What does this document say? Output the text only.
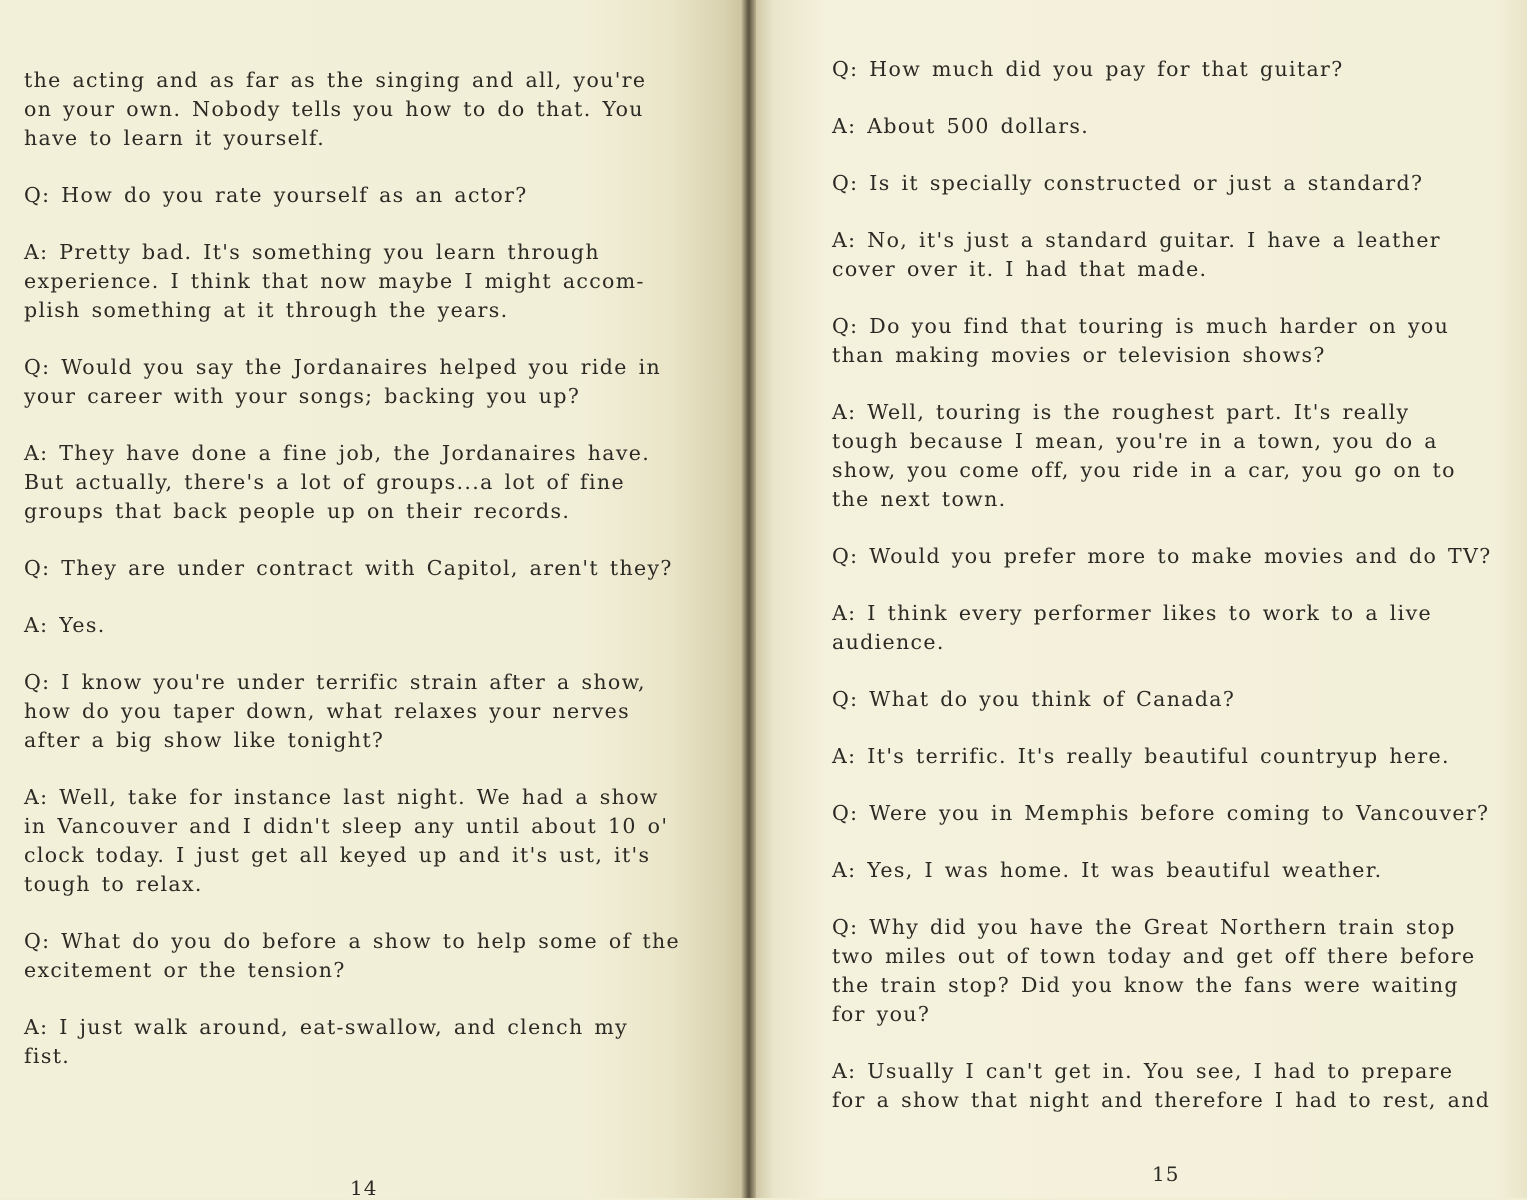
the acting and as far as the singing and all, you're
on your own. Nobody tells you how to do that. You
have to learn it yourself.
Q: How do you rate yourself as an actor?
A: Pretty bad. It's something you learn through
experience. I think that now maybe I might accom-
plish something at it through the years.
Q: Would you say the Jordanaires helped you ride in
your career with your songs; backing you up?
A: They have done a fine job, the Jordanaires have.
But actually, there's a lot of groups...a lot of fine
groups that back people up on their records.
Q: They are under contract with Capitol, aren't they?
A: Yes.
Q: I know you're under terrific strain after a show,
how do you taper down, what relaxes your nerves
after a big show like tonight?
A: Well, take for instance last night. We had a show
in Vancouver and I didn't sleep any until about 10 o'
clock today. I just get all keyed up and it's ust, it's
tough to relax.
Q: What do you do before a show to help some of the
excitement or the tension?
A: I just walk around, eat-swallow, and clench my
fist.
Q: How much did you pay for that guitar?
A: About 500 dollars.
Q: Is it specially constructed or just a standard?
A: No, it's just a standard guitar. I have a leather
cover over it. I had that made.
Q: Do you find that touring is much harder on you
than making movies or television shows?
A: Well, touring is the roughest part. It's really
tough because I mean, you're in a town, you do a
show, you come off, you ride in a car, you go on to
the next town.
Q: Would you prefer more to make movies and do TV?
A: I think every performer likes to work to a live
audience.
Q: What do you think of Canada?
A: It's terrific. It's really beautiful countryup here.
Q: Were you in Memphis before coming to Vancouver?
A: Yes, I was home. It was beautiful weather.
Q: Why did you have the Great Northern train stop
two miles out of town today and get off there before
the train stop? Did you know the fans were waiting
for you?
A: Usually I can't get in. You see, I had to prepare
for a show that night and therefore I had to rest, and
14
15
